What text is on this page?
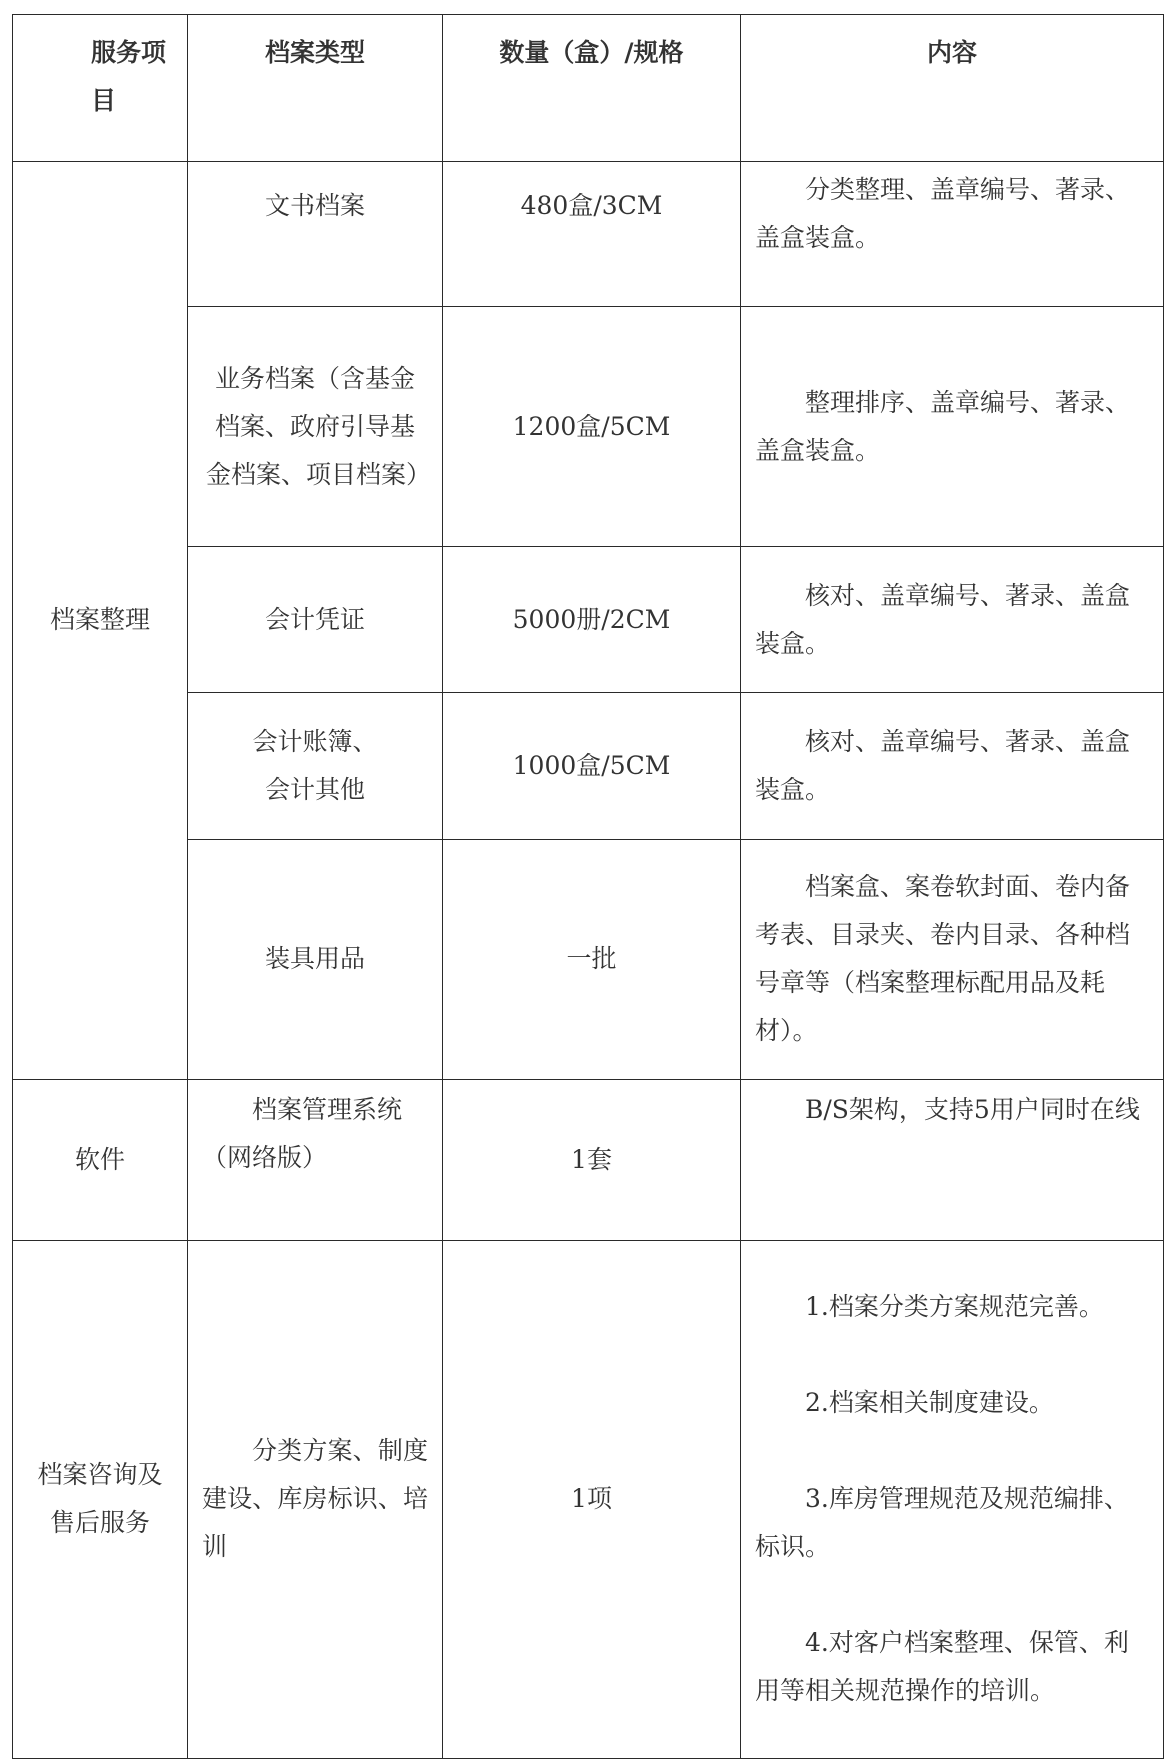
服务项目	档案类型	数量（盒）/规格	内容
档案整理	文书档案	480盒/3CM	分类整理、盖章编号、著录、盖盒装盒。
	业务档案（含基金档案、政府引导基金档案、项目档案）	1200盒/5CM	整理排序、盖章编号、著录、盖盒装盒。
	会计凭证	5000册/2CM	核对、盖章编号、著录、盖盒装盒。
	会计账簿、会计其他	1000盒/5CM	核对、盖章编号、著录、盖盒装盒。
	装具用品	一批	档案盒、案卷软封面、卷内备考表、目录夹、卷内目录、各种档号章等（档案整理标配用品及耗材）。
软件	档案管理系统（网络版）	1套	B/S架构，支持5用户同时在线
档案咨询及售后服务	分类方案、制度建设、库房标识、培训	1项	1.档案分类方案规范完善。

2.档案相关制度建设。

3.库房管理规范及规范编排、标识。

4.对客户档案整理、保管、利用等相关规范操作的培训。
